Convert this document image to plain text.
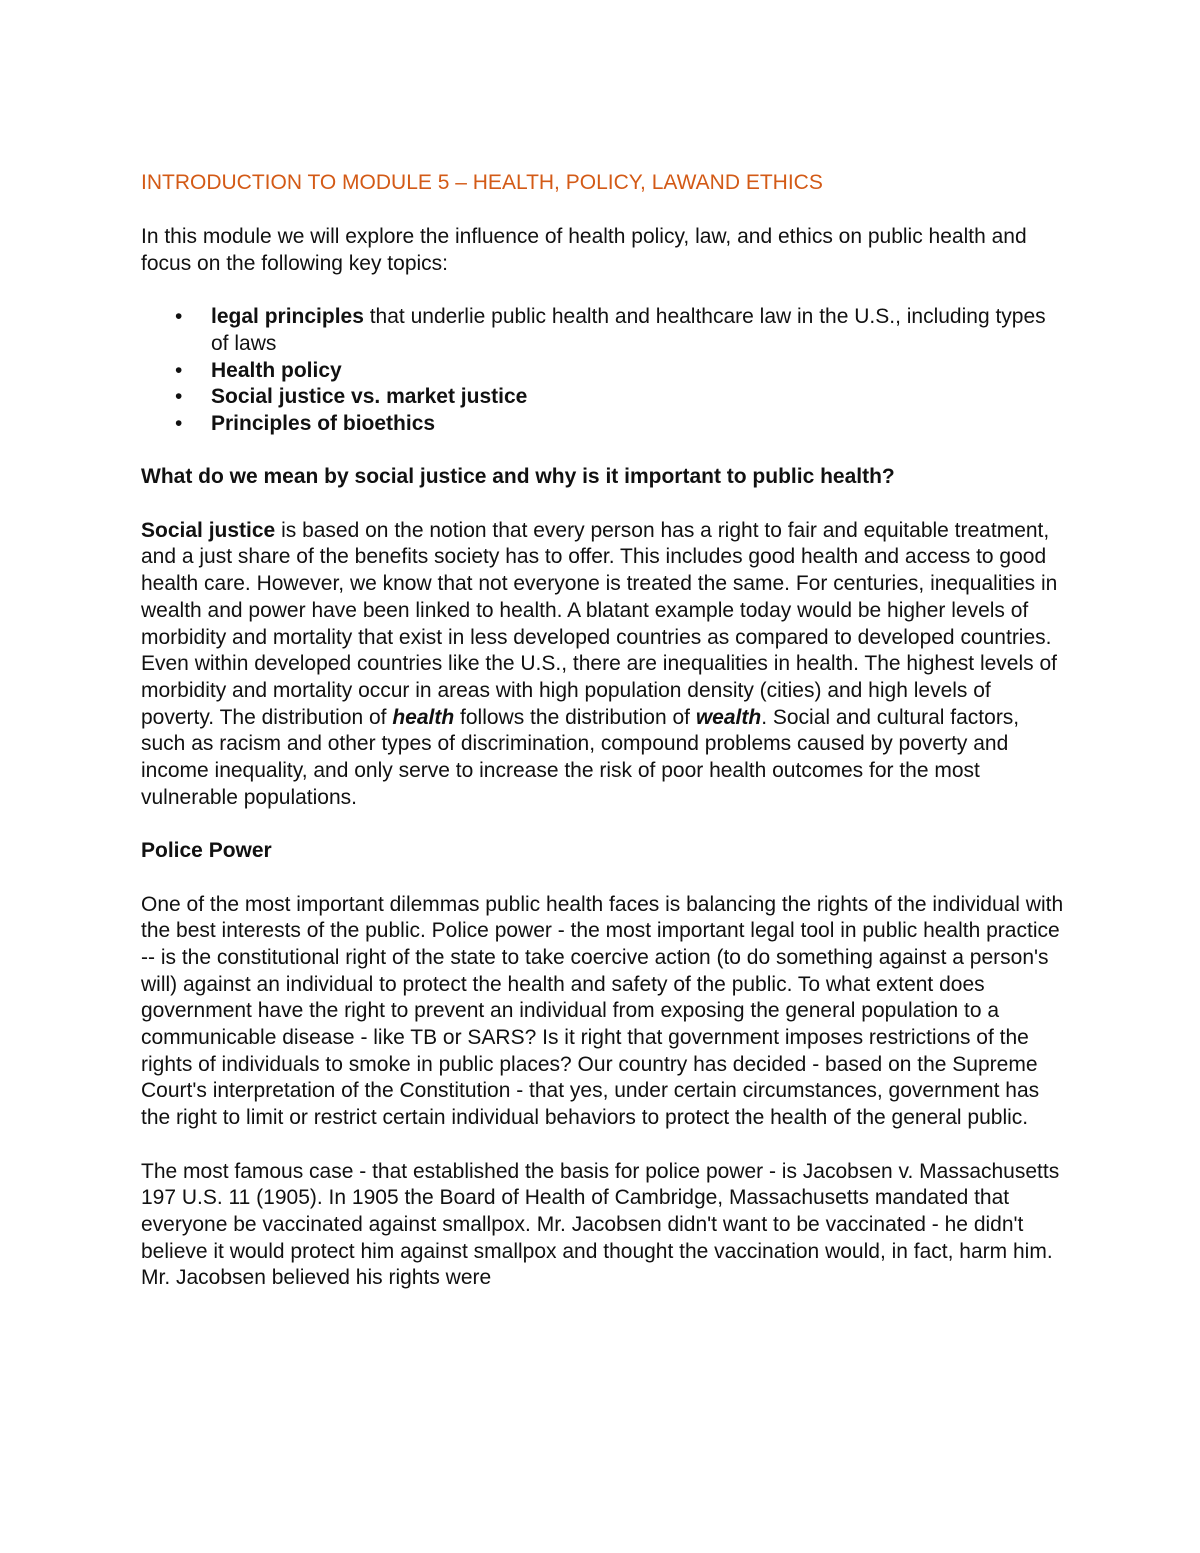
INTRODUCTION TO MODULE 5 – HEALTH, POLICY, LAWAND ETHICS

In this module we will explore the influence of health policy, law, and ethics on public health and focus on the following key topics:

• legal principles that underlie public health and healthcare law in the U.S., including types of laws
• Health policy
• Social justice vs. market justice
• Principles of bioethics
What do we mean by social justice and why is it important to public health?

Social justice is based on the notion that every person has a right to fair and equitable treatment, and a just share of the benefits society has to offer. This includes good health and access to good health care. However, we know that not everyone is treated the same. For centuries, inequalities in wealth and power have been linked to health. A blatant example today would be higher levels of morbidity and mortality that exist in less developed countries as compared to developed countries. Even within developed countries like the U.S., there are inequalities in health. The highest levels of morbidity and mortality occur in areas with high population density (cities) and high levels of poverty. The distribution of health follows the distribution of wealth. Social and cultural factors, such as racism and other types of discrimination, compound problems caused by poverty and income inequality, and only serve to increase the risk of poor health outcomes for the most vulnerable populations.

Police Power

One of the most important dilemmas public health faces is balancing the rights of the individual with the best interests of the public. Police power - the most important legal tool in public health practice -- is the constitutional right of the state to take coercive action (to do something against a person's will) against an individual to protect the health and safety of the public. To what extent does government have the right to prevent an individual from exposing the general population to a communicable disease - like TB or SARS? Is it right that government imposes restrictions of the rights of individuals to smoke in public places? Our country has decided - based on the Supreme Court's interpretation of the Constitution - that yes, under certain circumstances, government has the right to limit or restrict certain individual behaviors to protect the health of the general public.

The most famous case - that established the basis for police power - is Jacobsen v. Massachusetts 197 U.S. 11 (1905). In 1905 the Board of Health of Cambridge, Massachusetts mandated that everyone be vaccinated against smallpox. Mr. Jacobsen didn't want to be vaccinated - he didn't believe it would protect him against smallpox and thought the vaccination would, in fact, harm him. Mr. Jacobsen believed his rights were
